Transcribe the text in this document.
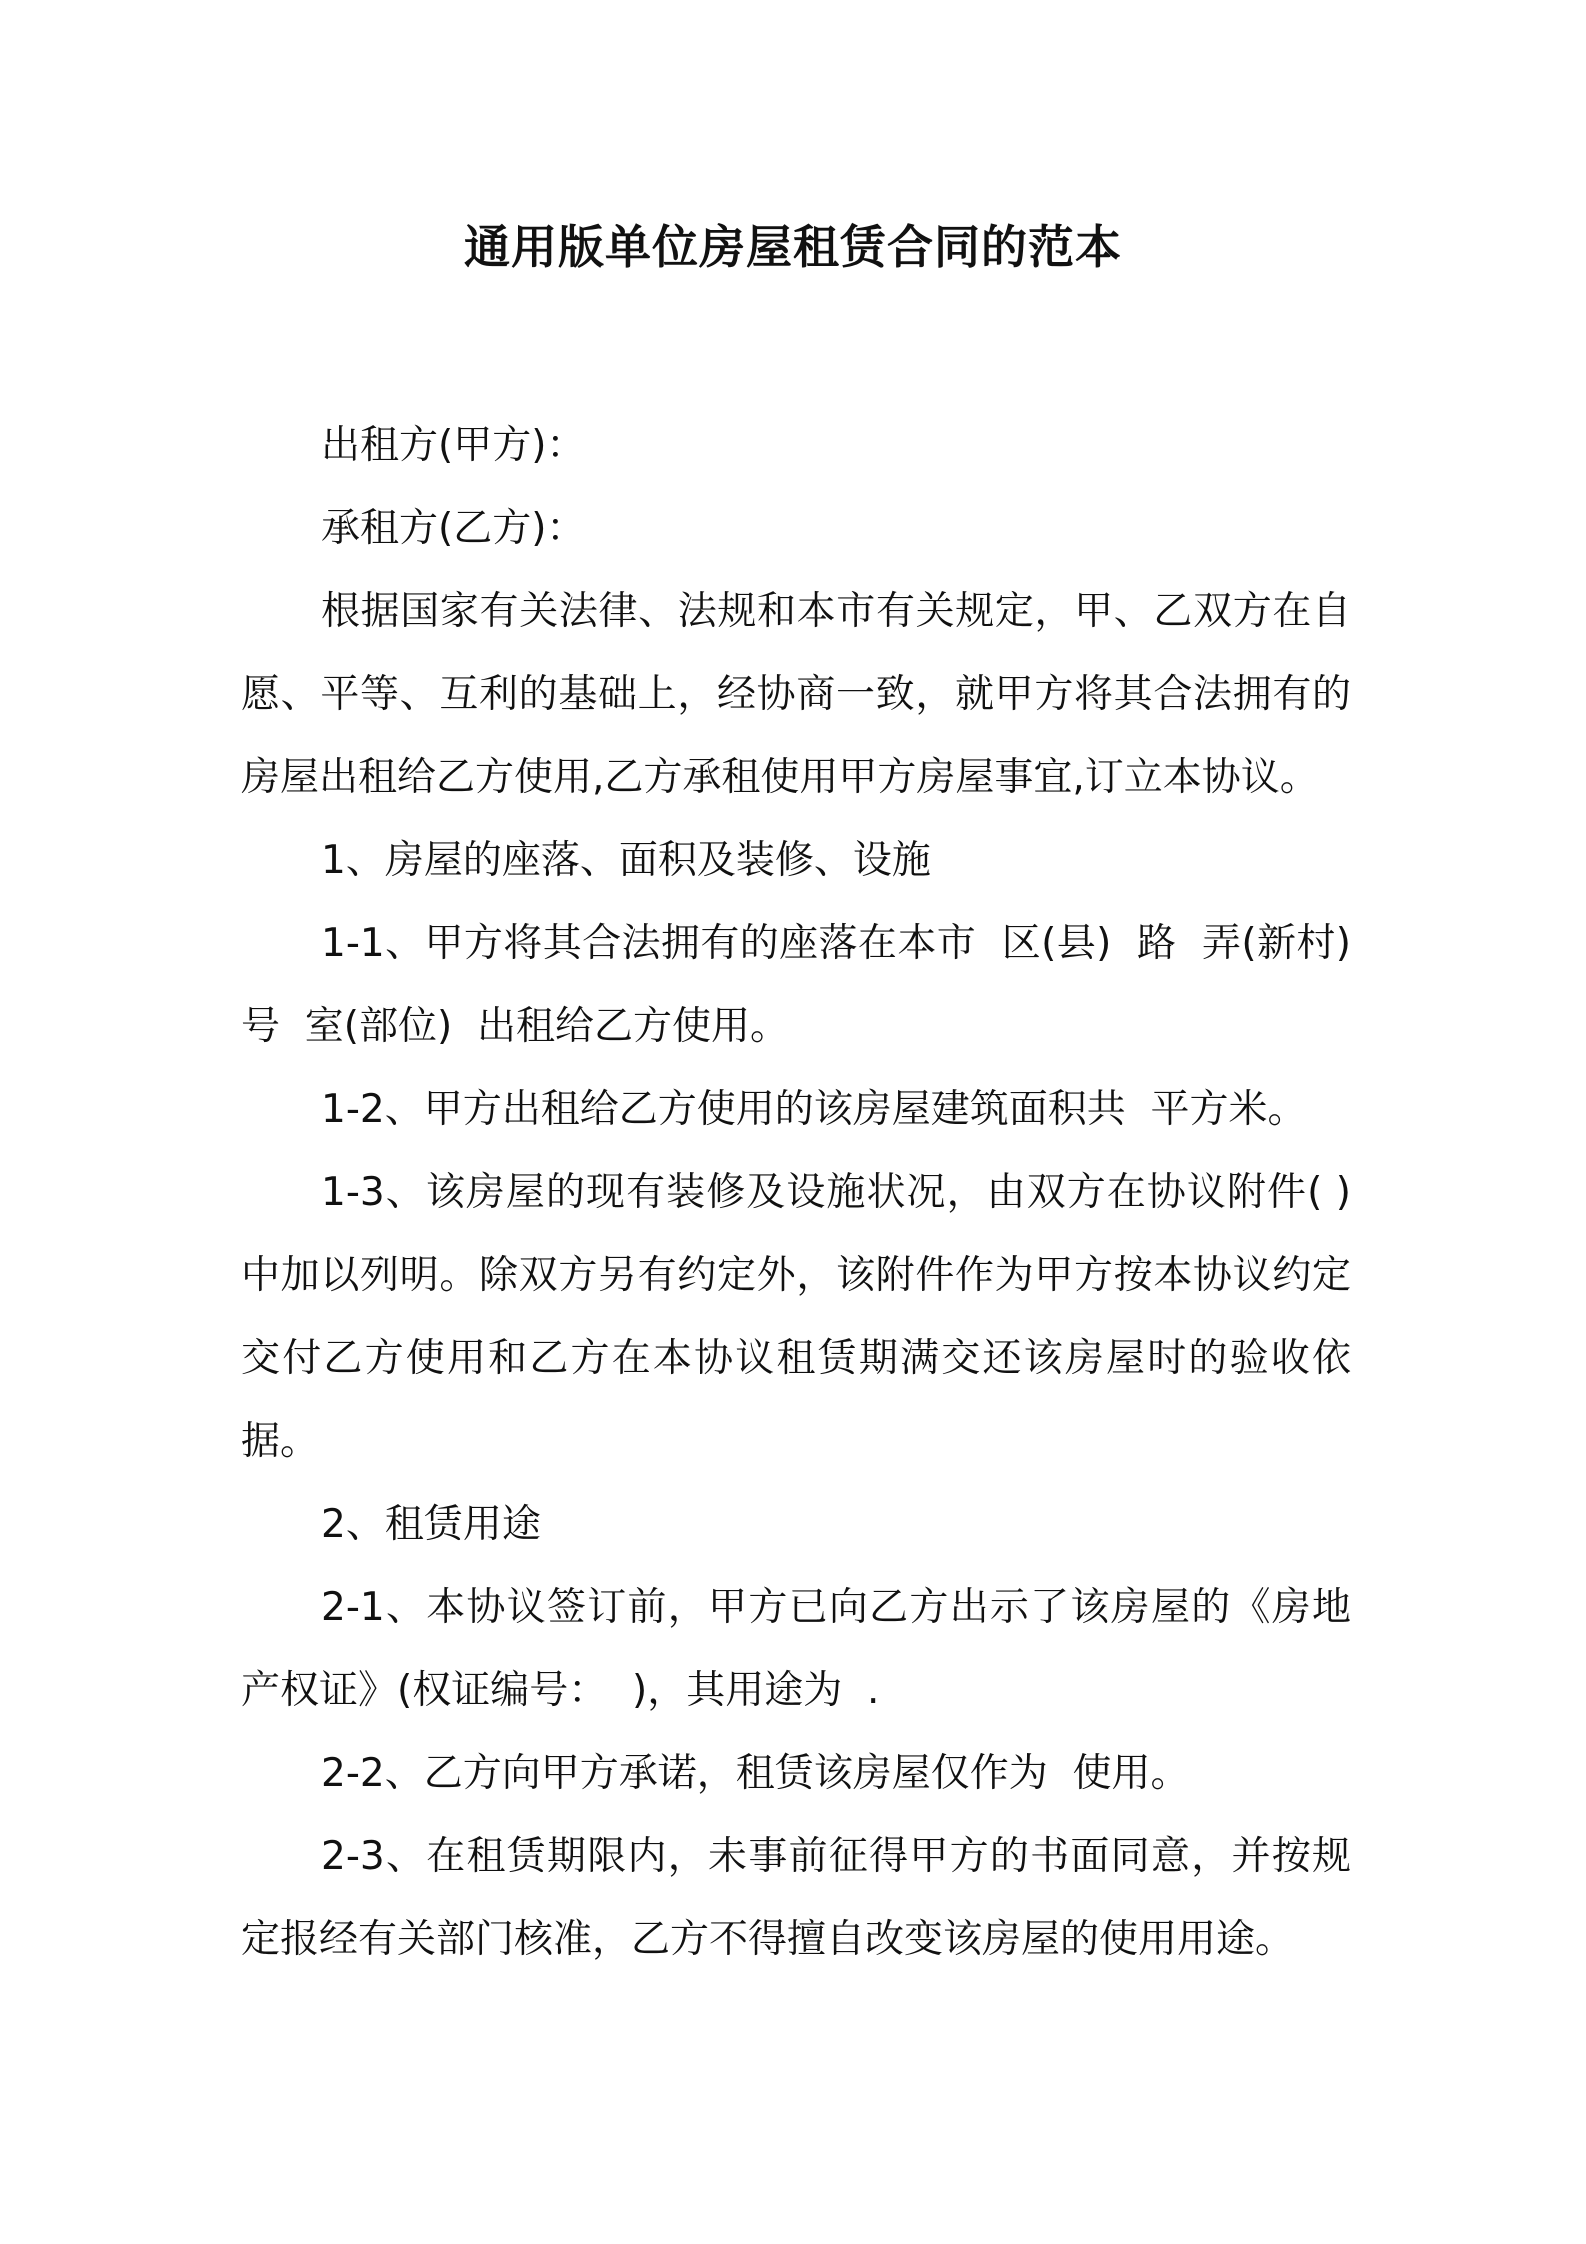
通用版单位房屋租赁合同的范本

出租方(甲方)：

承租方(乙方)：

根据国家有关法律、法规和本市有关规定，甲、乙双方在自愿、平等、互利的基础上，经协商一致，就甲方将其合法拥有的房屋出租给乙方使用,乙方承租使用甲方房屋事宜,订立本协议。

1、房屋的座落、面积及装修、设施

1-1、甲方将其合法拥有的座落在本市  区(县)  路  弄(新村)  号  室(部位)  出租给乙方使用。

1-2、甲方出租给乙方使用的该房屋建筑面积共  平方米。

1-3、该房屋的现有装修及设施状况，由双方在协议附件( )中加以列明。除双方另有约定外，该附件作为甲方按本协议约定交付乙方使用和乙方在本协议租赁期满交还该房屋时的验收依据。

2、租赁用途

2-1、本协议签订前，甲方已向乙方出示了该房屋的《房地产权证》(权证编号：  )，其用途为  .

2-2、乙方向甲方承诺，租赁该房屋仅作为  使用。

2-3、在租赁期限内，未事前征得甲方的书面同意，并按规定报经有关部门核准，乙方不得擅自改变该房屋的使用用途。
